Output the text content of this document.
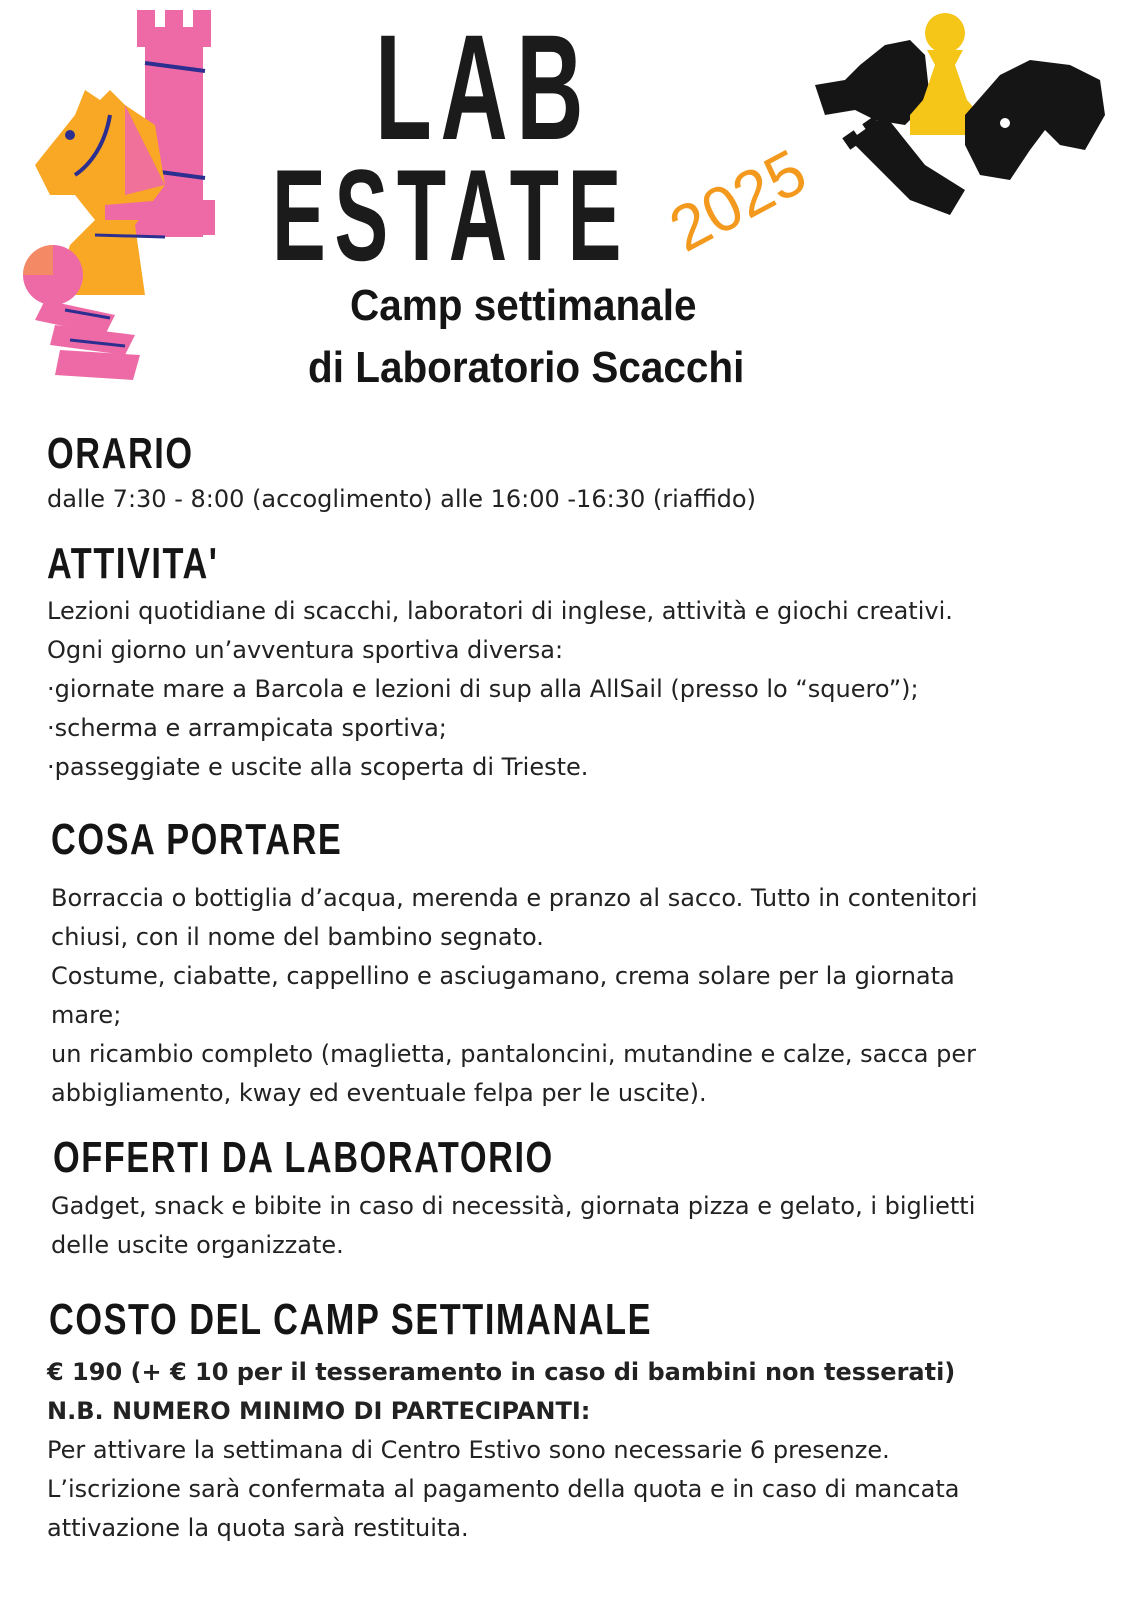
LAB
ESTATE 2025
Camp settimanale
di Laboratorio Scacchi
ORARIO
dalle 7:30 - 8:00 (accoglimento) alle 16:00 -16:30 (riaffido)
ATTIVITA'
Lezioni quotidiane di scacchi, laboratori di inglese, attività e giochi creativi.
Ogni giorno un’avventura sportiva diversa:
·giornate mare a Barcola e lezioni di sup alla AllSail (presso lo “squero”);
·scherma e arrampicata sportiva;
·passeggiate e uscite alla scoperta di Trieste.
COSA PORTARE
Borraccia o bottiglia d’acqua, merenda e pranzo al sacco. Tutto in contenitori
chiusi, con il nome del bambino segnato.
Costume, ciabatte, cappellino e asciugamano, crema solare per la giornata
mare;
un ricambio completo (maglietta, pantaloncini, mutandine e calze, sacca per
abbigliamento, kway ed eventuale felpa per le uscite).
OFFERTI DA LABORATORIO
Gadget, snack e bibite in caso di necessità, giornata pizza e gelato, i biglietti
delle uscite organizzate.
COSTO DEL CAMP SETTIMANALE
€ 190 (+ € 10 per il tesseramento in caso di bambini non tesserati)
N.B. NUMERO MINIMO DI PARTECIPANTI:
Per attivare la settimana di Centro Estivo sono necessarie 6 presenze.
L’iscrizione sarà confermata al pagamento della quota e in caso di mancata
attivazione la quota sarà restituita.
